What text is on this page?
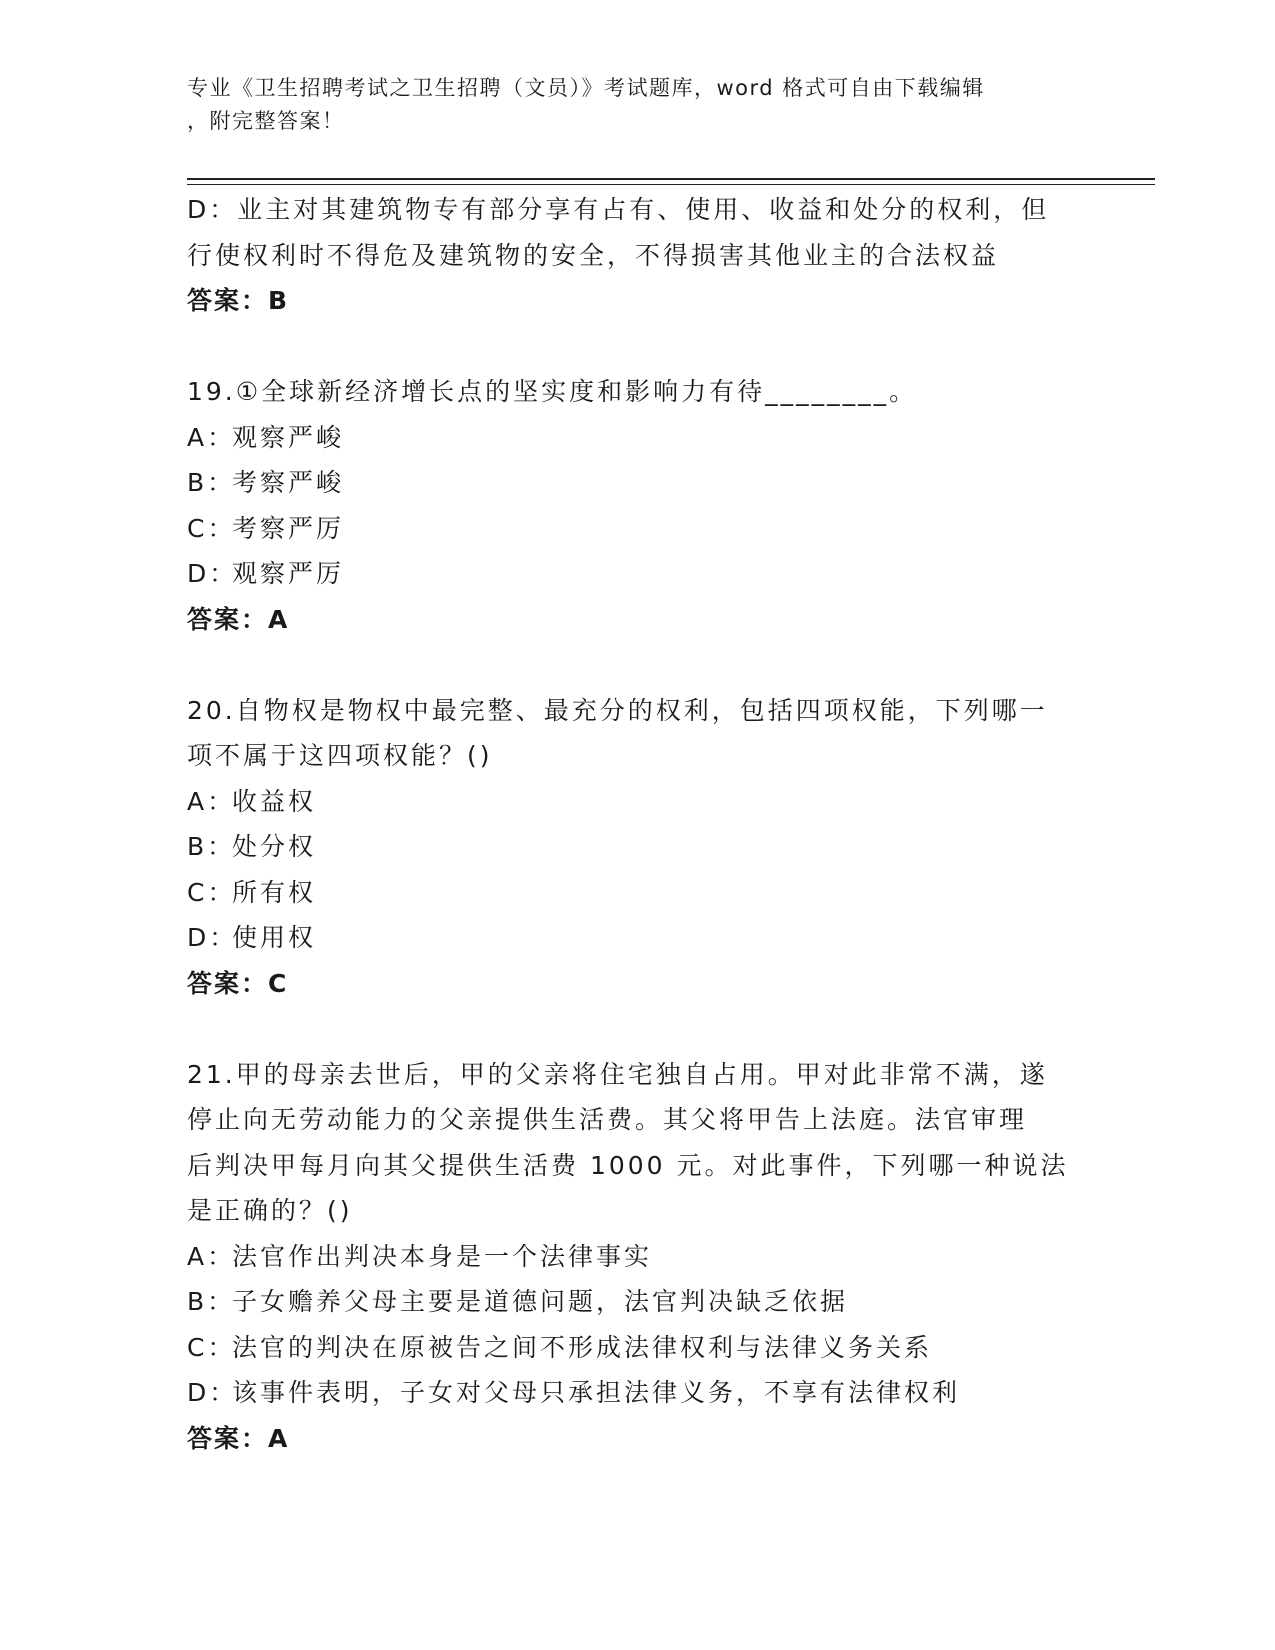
专业《卫生招聘考试之卫生招聘（文员）》考试题库，word 格式可自由下载编辑
，附完整答案！
D：业主对其建筑物专有部分享有占有、使用、收益和处分的权利，但
行使权利时不得危及建筑物的安全，不得损害其他业主的合法权益
答案：B
19.①全球新经济增长点的坚实度和影响力有待________。
A：观察严峻
B：考察严峻
C：考察严厉
D：观察严厉
答案：A
20.自物权是物权中最完整、最充分的权利，包括四项权能，下列哪一
项不属于这四项权能？()
A：收益权
B：处分权
C：所有权
D：使用权
答案：C
21.甲的母亲去世后，甲的父亲将住宅独自占用。甲对此非常不满，遂
停止向无劳动能力的父亲提供生活费。其父将甲告上法庭。法官审理
后判决甲每月向其父提供生活费 1000 元。对此事件，下列哪一种说法
是正确的？()
A：法官作出判决本身是一个法律事实
B：子女赡养父母主要是道德问题，法官判决缺乏依据
C：法官的判决在原被告之间不形成法律权利与法律义务关系
D：该事件表明，子女对父母只承担法律义务，不享有法律权利
答案：A
